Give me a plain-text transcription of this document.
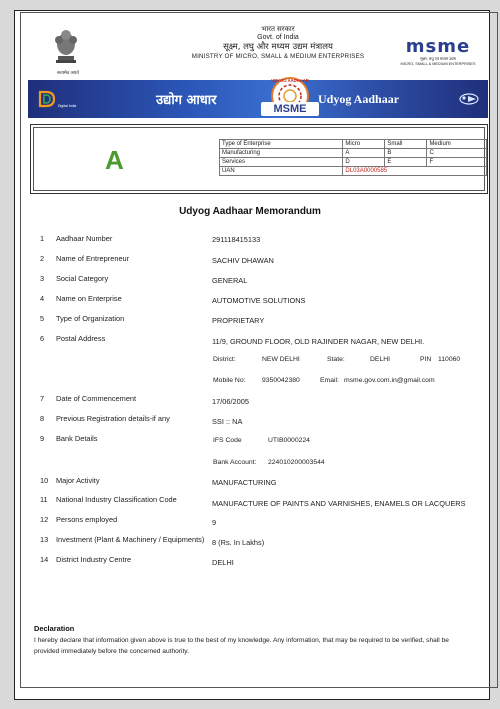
सत्यमेव जयते
भारत सरकार
Govt. of India
सूक्ष्म, लघु और मध्यम उद्यम मंत्रालय
MINISTRY OF MICRO, SMALL & MEDIUM ENTERPRISES	msme
सूक्ष्म, लघु एवं मध्यम उद्यम
MICRO, SMALL & MEDIUM ENTERPRISES
Digital India	उद्योग आधार
UDYOG AADHAAR
MSME
Udyog Aadhaar
A
Type of Enterprise	Micro	Small	Medium
Manufacturing	A	B	C
Services	D	E	F
UAN	DL03A0000585		
Udyog Aadhaar Memorandum
1 Aadhaar Number	291118415133
2 Name of Entrepreneur	SACHIV DHAWAN
3 Social Category	GENERAL
4 Name on Enterprise	AUTOMOTIVE SOLUTIONS
5 Type of Organization	PROPRIETARY
6 Postal Address	11/9, GROUND FLOOR, OLD RAJINDER NAGAR, NEW DELHI.
District:	NEW DELHI	State:	DELHI	PIN 110060
Mobile No: 9350042380	Email: msme.gov.com.in@gmail.com
7 Date of Commencement	17/06/2005
8 Previous Registration details-if any	SSI :: NA
9 Bank Details	IFS Code	UTIB0000224
Bank Account: 224010200003544
10 Major Activity	MANUFACTURING
11 National Industry Classification Code	MANUFACTURE OF PAINTS AND VARNISHES, ENAMELS OR LACQUERS
12 Persons employed	9
13 Investment (Plant & Machinery / Equipments) 8 (Rs. In Lakhs)
14 District Industry Centre	DELHI
Declaration
I hereby declare that information given above is true to the best of my knowledge. Any information, that may be required to be verified, shall be provided immediately before the concerned authority.
